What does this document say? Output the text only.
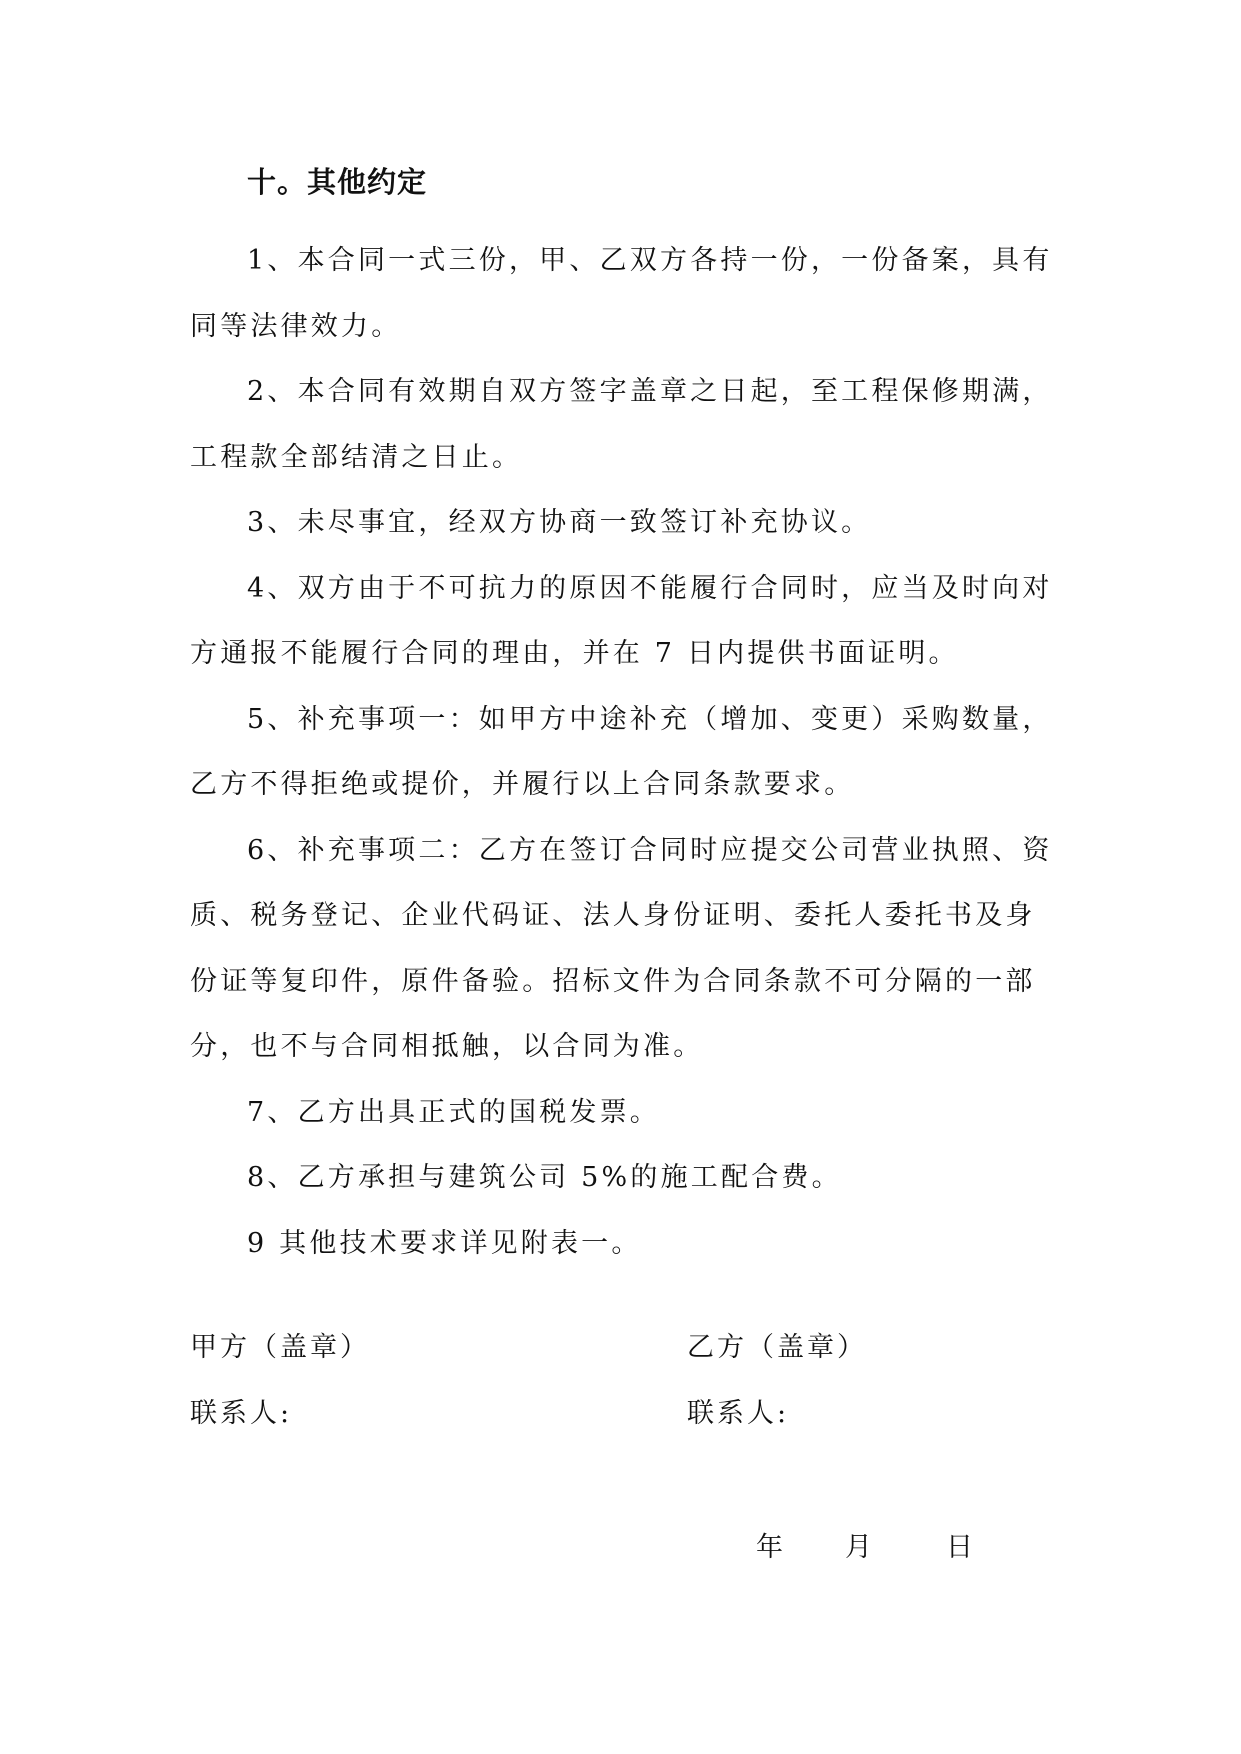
十。其他约定

1、本合同一式三份，甲、乙双方各持一份，一份备案，具有同等法律效力。

2、本合同有效期自双方签字盖章之日起，至工程保修期满，工程款全部结清之日止。

3、未尽事宜，经双方协商一致签订补充协议。

4、双方由于不可抗力的原因不能履行合同时，应当及时向对方通报不能履行合同的理由，并在 7 日内提供书面证明。

5、补充事项一：如甲方中途补充（增加、变更）采购数量，乙方不得拒绝或提价，并履行以上合同条款要求。

6、补充事项二：乙方在签订合同时应提交公司营业执照、资质、税务登记、企业代码证、法人身份证明、委托人委托书及身份证等复印件，原件备验。招标文件为合同条款不可分隔的一部分，也不与合同相抵触，以合同为准。

7、乙方出具正式的国税发票。

8、乙方承担与建筑公司 5%的施工配合费。

9 其他技术要求详见附表一。

甲方（盖章）	乙方（盖章）
联系人:	联系人:
年 月	日
